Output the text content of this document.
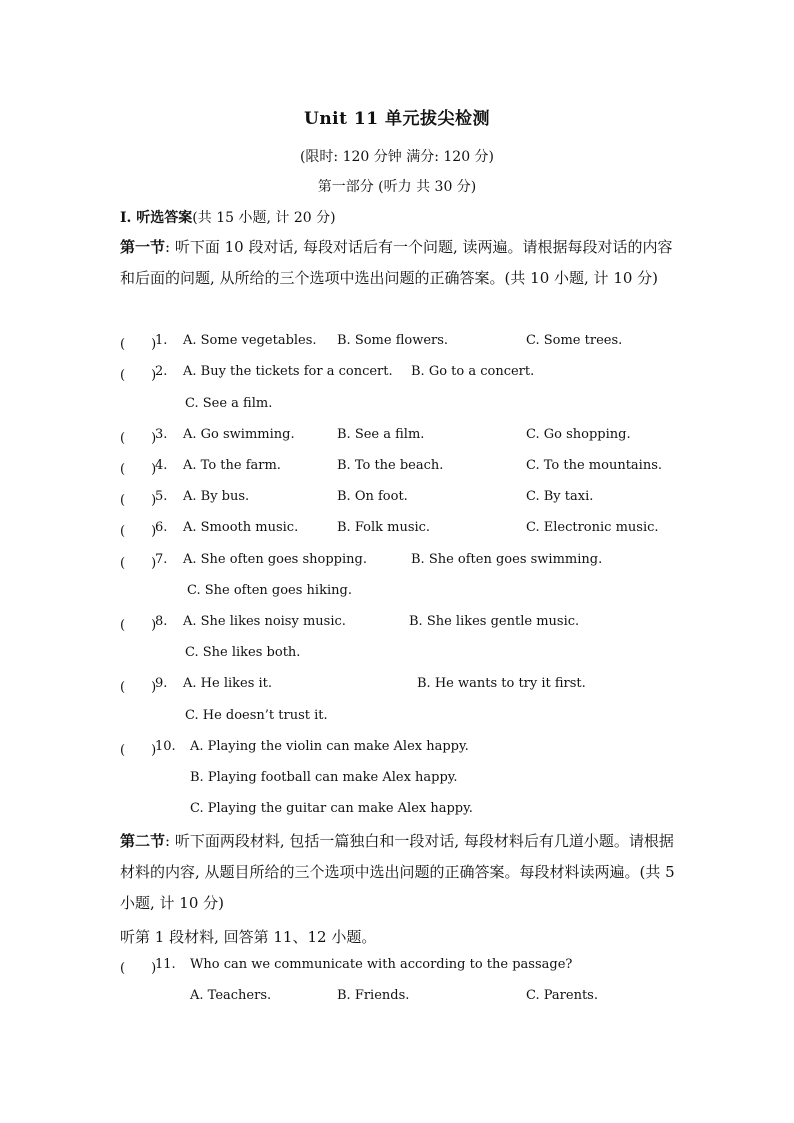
Unit 11 单元拔尖检测
(限时: 120 分钟 满分: 120 分)
第一部分 (听力 共 30 分)
I. 听选答案(共 15 小题, 计 20 分)
第一节: 听下面 10 段对话, 每段对话后有一个问题, 读两遍。请根据每段对话的内容和后面的问题, 从所给的三个选项中选出问题的正确答案。(共 10 小题, 计 10 分)
(　　)
1. A. Some vegetables. B. Some flowers.	C. Some trees.
(　　)
2. A. Buy the tickets for a concert. B. Go to a concert.
C. See a film.
(　　)
3. A. Go swimming.	B. See a film.	C. Go shopping.
(　　)
4. A. To the farm.	B. To the beach.	C. To the mountains.
(　　)
5. A. By bus.	B. On foot.	C. By taxi.
(　　)
6. A. Smooth music.	B. Folk music.	C. Electronic music.
(　　)
7. A. She often goes shopping.	B. She often goes swimming.
C. She often goes hiking.
(　　)
8. A. She likes noisy music.	B. She likes gentle music.
C. She likes both.
(　　)
9. A. He likes it.	B. He wants to try it first.
C. He doesn’t trust it.
(　　)
10. A. Playing the violin can make Alex happy.
B. Playing football can make Alex happy.
C. Playing the guitar can make Alex happy.
第二节: 听下面两段材料, 包括一篇独白和一段对话, 每段材料后有几道小题。请根据材料的内容, 从题目所给的三个选项中选出问题的正确答案。每段材料读两遍。(共 5 小题, 计 10 分)
听第 1 段材料, 回答第 11、12 小题。
(　　)
11. Who can we communicate with according to the passage?
A. Teachers.	B. Friends.	C. Parents.
